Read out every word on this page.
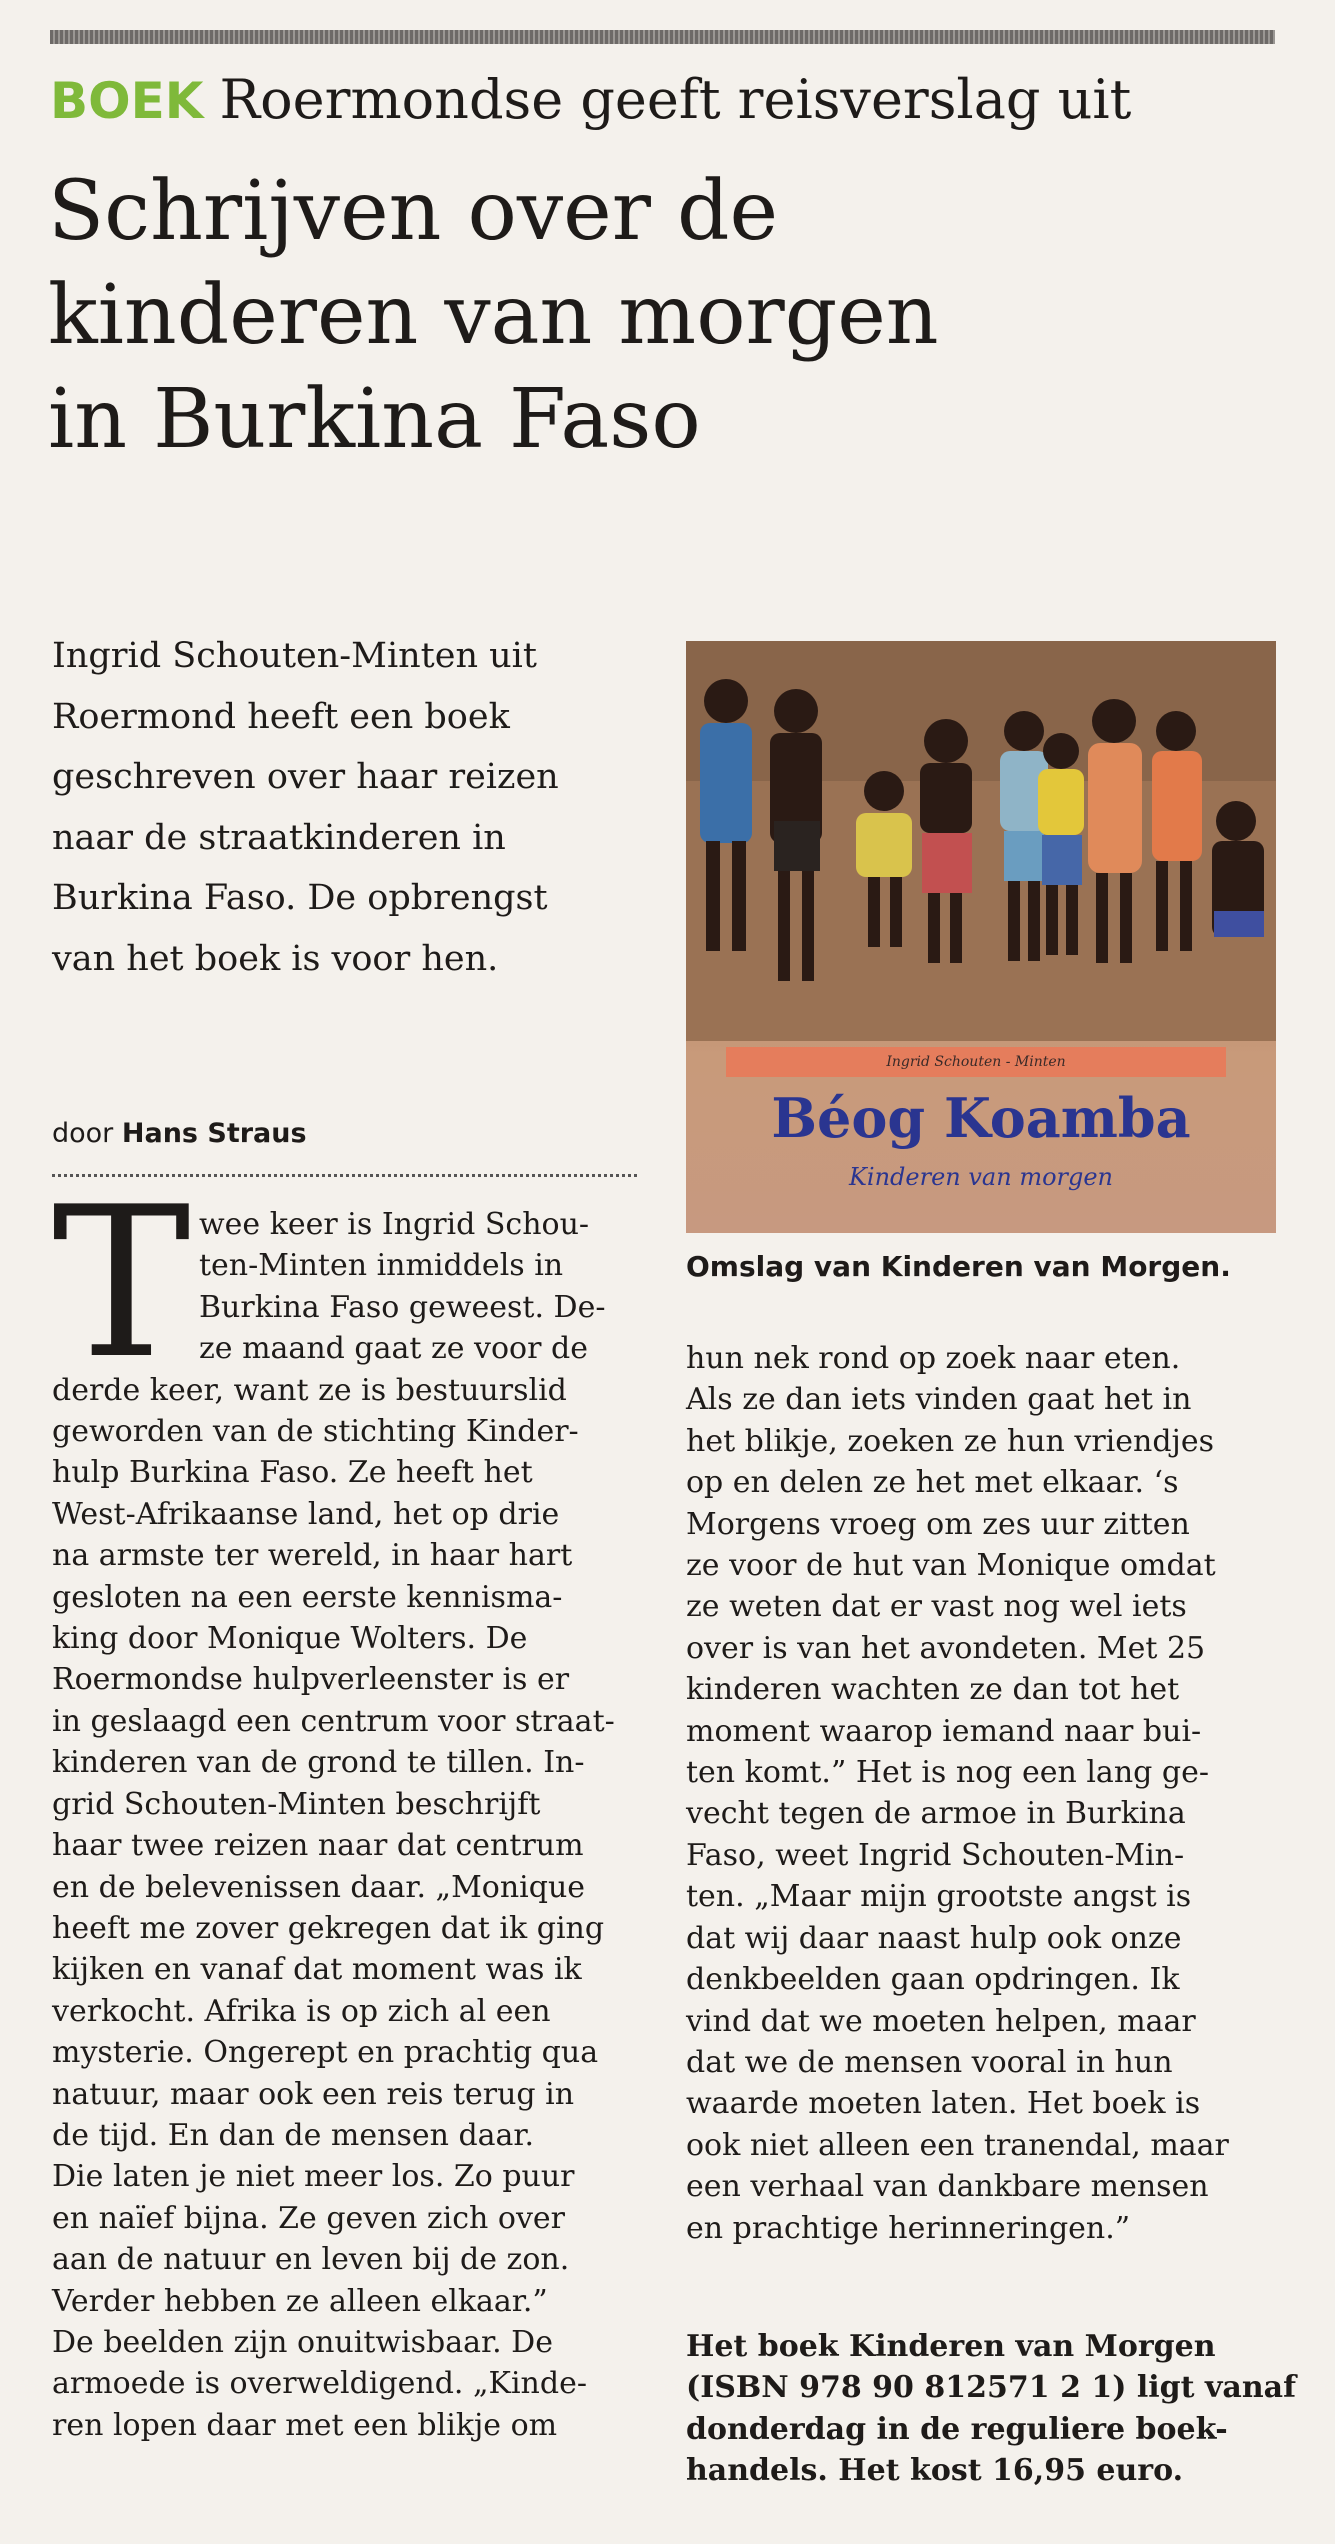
BOEK Roermondse geeft reisverslag uit
Schrijven over de
kinderen van morgen
in Burkina Faso
Ingrid Schouten-Minten uit
Roermond heeft een boek
geschreven over haar reizen
naar de straatkinderen in
Burkina Faso. De opbrengst
van het boek is voor hen.
door Hans Straus
T wee keer is Ingrid Schou-
ten-Minten inmiddels in
Burkina Faso geweest. De-
ze maand gaat ze voor de
derde keer, want ze is bestuurslid
geworden van de stichting Kinder-
hulp Burkina Faso. Ze heeft het
West-Afrikaanse land, het op drie
na armste ter wereld, in haar hart
gesloten na een eerste kennisma-
king door Monique Wolters. De
Roermondse hulpverleenster is er
in geslaagd een centrum voor straat-
kinderen van de grond te tillen. In-
grid Schouten-Minten beschrijft
haar twee reizen naar dat centrum
en de belevenissen daar. „Monique
heeft me zover gekregen dat ik ging
kijken en vanaf dat moment was ik
verkocht. Afrika is op zich al een
mysterie. Ongerept en prachtig qua
natuur, maar ook een reis terug in
de tijd. En dan de mensen daar.
Die laten je niet meer los. Zo puur
en naïef bijna. Ze geven zich over
aan de natuur en leven bij de zon.
Verder hebben ze alleen elkaar.”
De beelden zijn onuitwisbaar. De
armoede is overweldigend. „Kinde-
ren lopen daar met een blikje om
Ingrid Schouten - Minten
Béog Koamba
Kinderen van morgen
Omslag van Kinderen van Morgen.
hun nek rond op zoek naar eten.
Als ze dan iets vinden gaat het in
het blikje, zoeken ze hun vriendjes
op en delen ze het met elkaar. ‘s
Morgens vroeg om zes uur zitten
ze voor de hut van Monique omdat
ze weten dat er vast nog wel iets
over is van het avondeten. Met 25
kinderen wachten ze dan tot het
moment waarop iemand naar bui-
ten komt.” Het is nog een lang ge-
vecht tegen de armoe in Burkina
Faso, weet Ingrid Schouten-Min-
ten. „Maar mijn grootste angst is
dat wij daar naast hulp ook onze
denkbeelden gaan opdringen. Ik
vind dat we moeten helpen, maar
dat we de mensen vooral in hun
waarde moeten laten. Het boek is
ook niet alleen een tranendal, maar
een verhaal van dankbare mensen
en prachtige herinneringen.”
Het boek Kinderen van Morgen
(ISBN 978 90 812571 2 1) ligt vanaf
donderdag in de reguliere boek-
handels. Het kost 16,95 euro.
